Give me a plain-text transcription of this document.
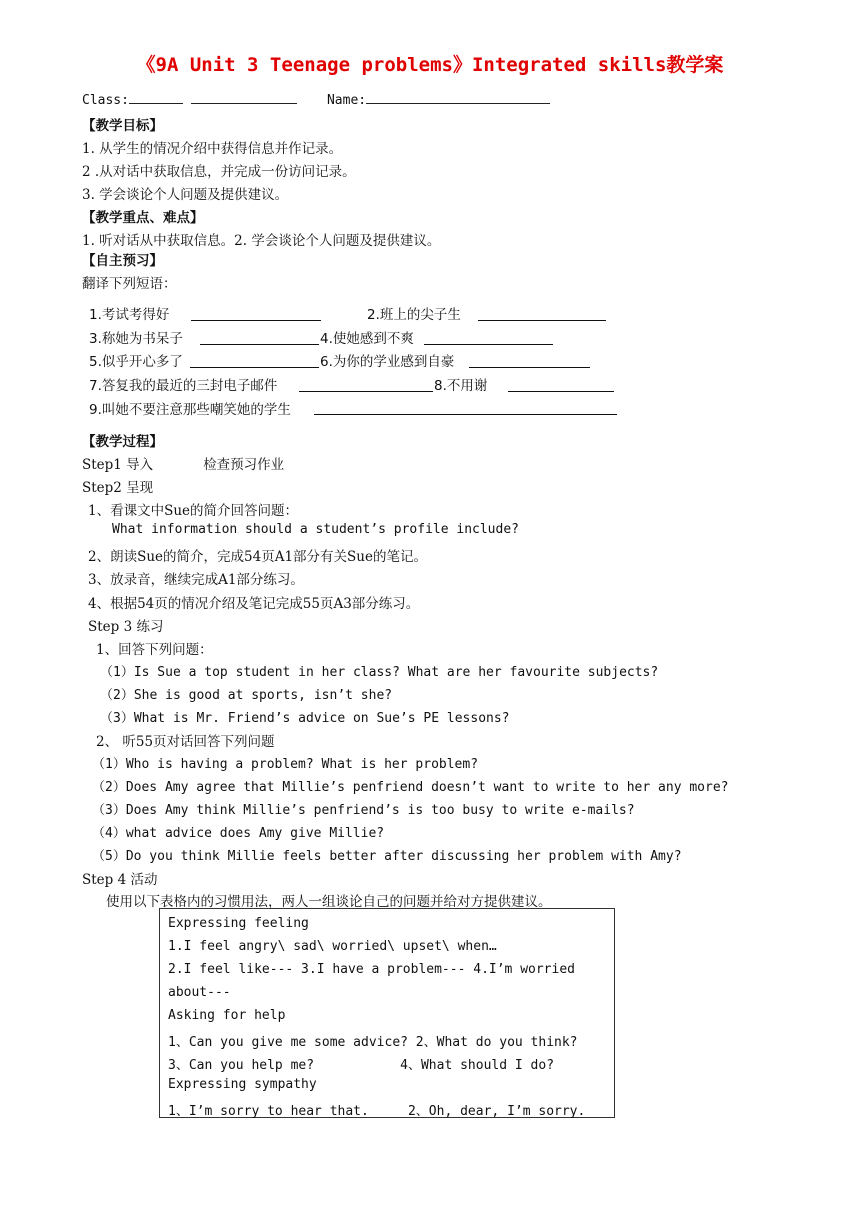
《9A Unit 3 Teenage problems》Integrated skills教学案
Class:	Name:
【教学目标】
1. 从学生的情况介绍中获得信息并作记录。
2 .从对话中获取信息，并完成一份访问记录。
3. 学会谈论个人问题及提供建议。
【教学重点、难点】
1. 听对话从中获取信息。2. 学会谈论个人问题及提供建议。
【自主预习】
翻译下列短语：
1.考试考得好	2.班上的尖子生
3.称她为书呆子	4.使她感到不爽
5.似乎开心多了	6.为你的学业感到自豪
7.答复我的最近的三封电子邮件	8.不用谢
9.叫她不要注意那些嘲笑她的学生
【教学过程】
Step1 导入	检查预习作业
Step2 呈现
1、看课文中Sue的简介回答问题：
What information should a student’s profile include?
2、朗读Sue的简介，完成54页A1部分有关Sue的笔记。
3、放录音，继续完成A1部分练习。
4、根据54页的情况介绍及笔记完成55页A3部分练习。
Step 3 练习
1、回答下列问题：
（1）Is Sue a top student in her class? What are her favourite subjects?
（2）She is good at sports, isn’t she?
（3）What is Mr. Friend’s advice on Sue’s PE lessons?
2、 听55页对话回答下列问题
（1）Who is having a problem? What is her problem?
（2）Does Amy agree that Millie’s penfriend doesn’t want to write to her any more?
（3）Does Amy think Millie’s penfriend’s is too busy to write e-mails?
（4）what advice does Amy give Millie?
（5）Do you think Millie feels better after discussing her problem with Amy?
Step 4 活动
使用以下表格内的习惯用法，两人一组谈论自己的问题并给对方提供建议。
Expressing feeling
1.I feel angry\ sad\ worried\ upset\ when…
2.I feel like--- 3.I have a problem--- 4.I’m worried
about---
Asking for help
1、Can you give me some advice? 2、What do you think?
3、Can you help me?           4、What should I do?
Expressing sympathy
1、I’m sorry to hear that.     2、Oh, dear, I’m sorry.
